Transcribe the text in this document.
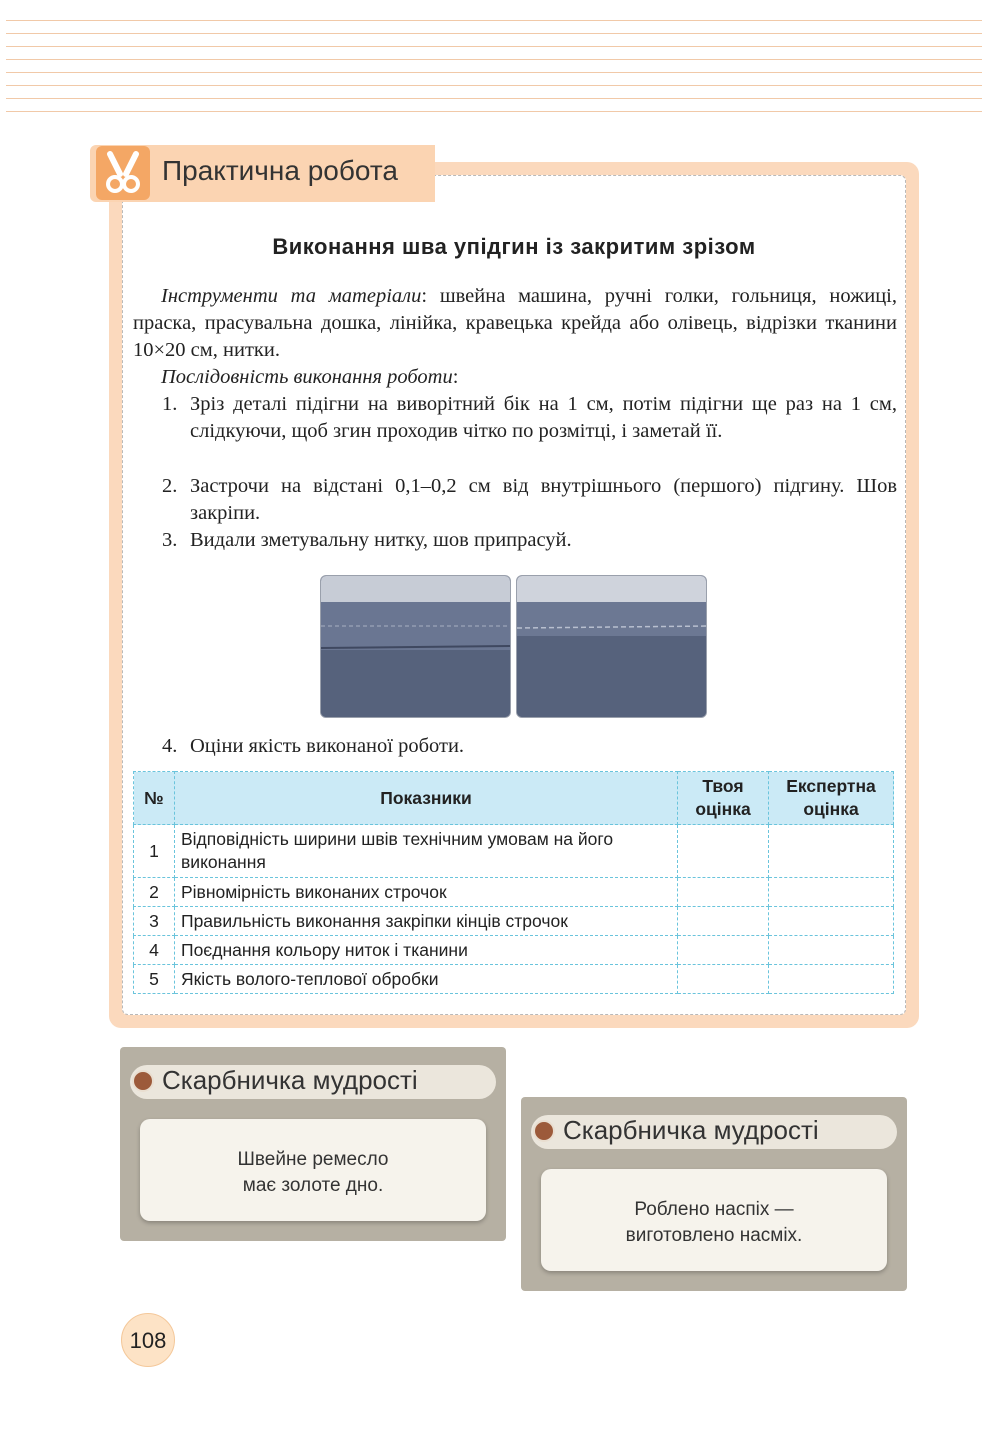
Практична робота
Виконання шва упідгин із закритим зрізом
Інструменти та матеріали: швейна машина, ручні голки, гольниця, ножиці, праска, прасувальна дошка, лінійка, кравецька крейда або олівець, відрізки тканини 10×20 см, нитки.
Послідовність виконання роботи:
1. Зріз деталі підігни на виворітний бік на 1 см, потім підігни ще раз на 1 см, слідкуючи, щоб згин проходив чітко по розмітці, і заметай її.
2. Застрочи на відстані 0,1–0,2 см від внутрішнього (першого) підгину. Шов закріпи.
3. Видали зметувальну нитку, шов припрасуй.
4. Оціни якість виконаної роботи.
№	Показники	Твоя оцінка	Експертна оцінка
1	Відповідність ширини швів технічним умовам на його виконання		
2	Рівномірність виконаних строчок		
3	Правильність виконання закріпки кінців строчок		
4	Поєднання кольору ниток і тканини		
5	Якість волого-теплової обробки		
Скарбничка мудрості
Швейне ремесло
має золоте дно.
Скарбничка мудрості
Роблено наспіх —
виготовлено насміх.
108
